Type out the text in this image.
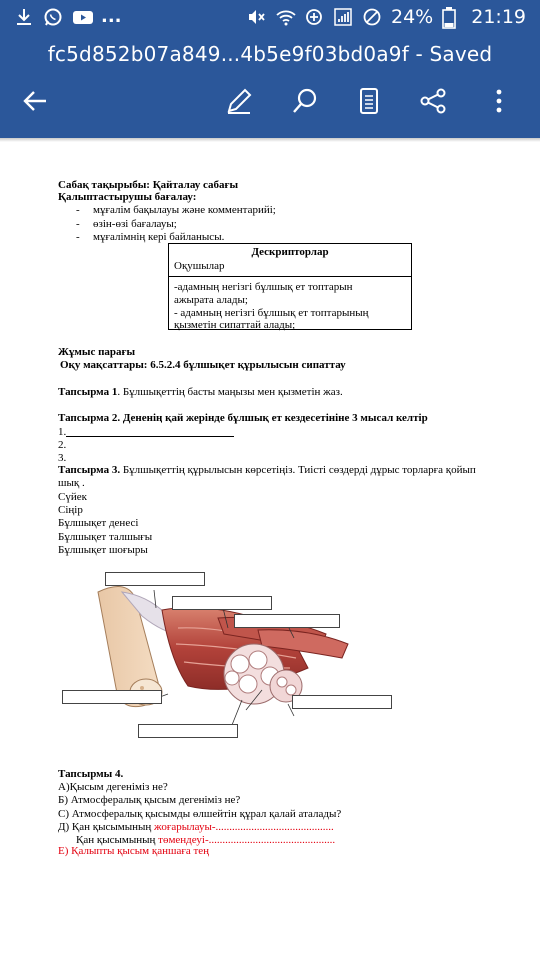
...	24% 21:19
fc5d852b07a849...4b5e9f03bd0a9f - Saved
Сабақ тақырыбы: Қайталау сабағы
Қалыптастырушы бағалау:
- мұғалім бақылауы және комментарийі;
- өзін-өзі бағалауы;
- мұғалімнің кері байланысы.
Дескрипторлар
Оқушылар
-адамның негізгі бұлшық ет топтарын
ажырата алады;
- адамның негізгі бұлшық ет топтарының
қызметін сипаттай алады;
Жұмыс парағы
Оқу мақсаттары: 6.5.2.4 бұлшықет құрылысын сипаттау
Тапсырма 1. Бұлшықеттің басты маңызы мен қызметін жаз.
Тапсырма 2. Дененің қай жерінде бұлшық ет кездесетініне 3 мысал келтір
1.
2.
3.
Тапсырма 3. Бұлшықеттің құрылысын көрсетіңіз. Тиісті сөздерді дұрыс торларға қойып
шық .
Сүйек
Сіңір
Бұлшықет денесі
Бұлшықет талшығы
Бұлшықет шоғыры
Тапсырмы 4.
А)Қысым дегеніміз не?
Б) Атмосфералық қысым дегеніміз не?
С) Атмосфералық қысымды өлшейтін құрал қалай аталады?
Д) Қан қысымының жоғарылауы-...........................................
Қан қысымының төмендеуі-..............................................
Е) Қалыпты қысым қаншаға тең
